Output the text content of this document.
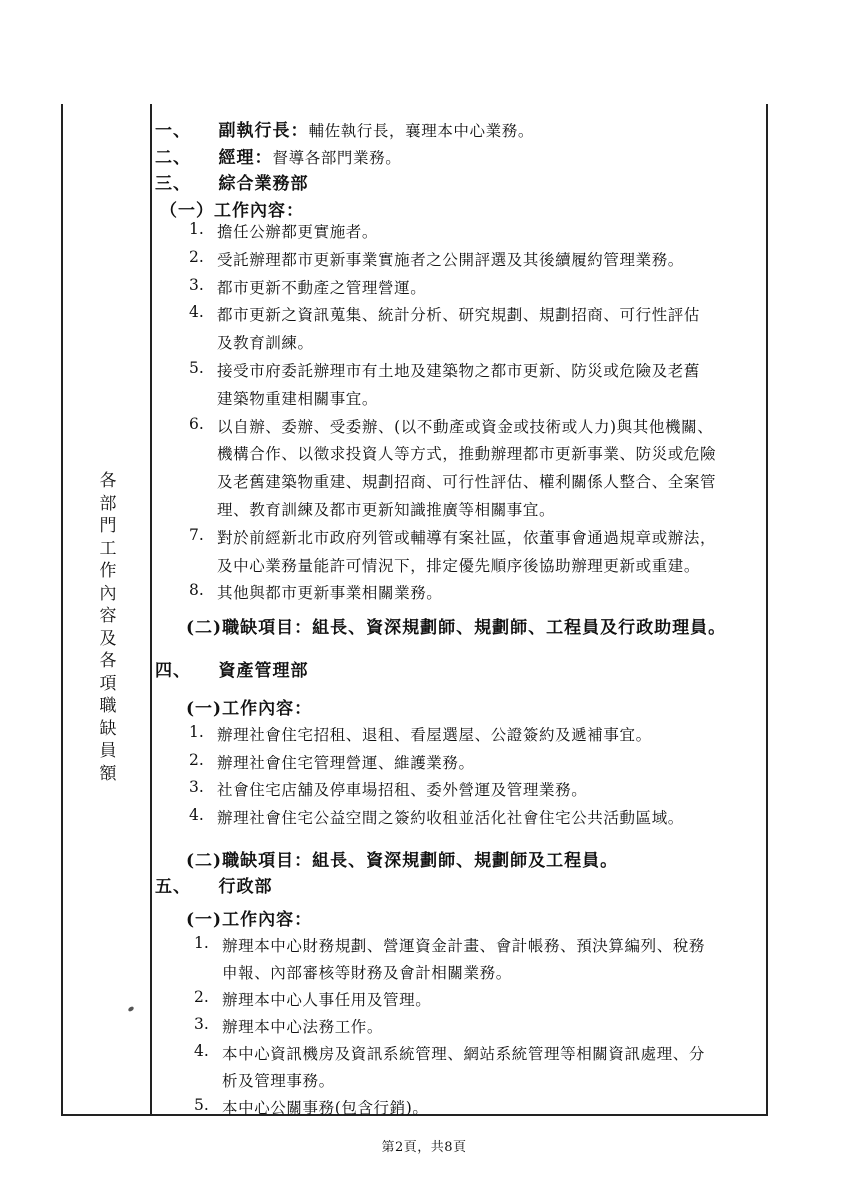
各
部
門
工
作
內
容
及
各
項
職
缺
員
額
一、 副執行長：輔佐執行長，襄理本中心業務。
二、 經理：督導各部門業務。
三、 綜合業務部
（一）工作內容：
1. 擔任公辦都更實施者。
2. 受託辦理都市更新事業實施者之公開評選及其後續履約管理業務。
3. 都市更新不動產之管理營運。
4. 都市更新之資訊蒐集、統計分析、研究規劃、規劃招商、可行性評估
及教育訓練。
5. 接受市府委託辦理市有土地及建築物之都市更新、防災或危險及老舊
建築物重建相關事宜。
6. 以自辦、委辦、受委辦、(以不動產或資金或技術或人力)與其他機關、
機構合作、以徵求投資人等方式，推動辦理都市更新事業、防災或危險
及老舊建築物重建、規劃招商、可行性評估、權利關係人整合、全案管
理、教育訓練及都市更新知識推廣等相關事宜。
7. 對於前經新北市政府列管或輔導有案社區，依董事會通過規章或辦法，
及中心業務量能許可情況下，排定優先順序後協助辦理更新或重建。
8. 其他與都市更新事業相關業務。
(二)職缺項目：組長、資深規劃師、規劃師、工程員及行政助理員。
四、 資產管理部
(一)工作內容：
1. 辦理社會住宅招租、退租、看屋選屋、公證簽約及遞補事宜。
2. 辦理社會住宅管理營運、維護業務。
3. 社會住宅店舖及停車場招租、委外營運及管理業務。
4. 辦理社會住宅公益空間之簽約收租並活化社會住宅公共活動區域。
(二)職缺項目：組長、資深規劃師、規劃師及工程員。
五、 行政部
(一)工作內容：
1. 辦理本中心財務規劃、營運資金計畫、會計帳務、預決算編列、稅務
申報、內部審核等財務及會計相關業務。
2. 辦理本中心人事任用及管理。
3. 辦理本中心法務工作。
4. 本中心資訊機房及資訊系統管理、網站系統管理等相關資訊處理、分
析及管理事務。
5. 本中心公關事務(包含行銷)。
第2頁，共8頁
